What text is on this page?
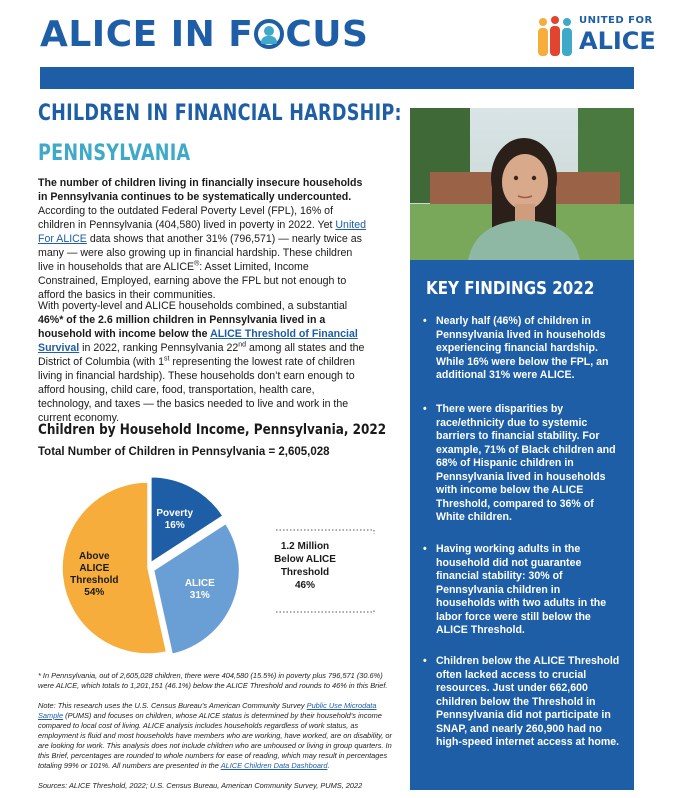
ALICE IN F CUS	UNITED FOR
ALICE
CHILDREN IN FINANCIAL HARDSHIP:
PENNSYLVANIA

The number of children living in financially insecure households in Pennsylvania continues to be systematically undercounted. According to the outdated Federal Poverty Level (FPL), 16% of children in Pennsylvania (404,580) lived in poverty in 2022. Yet United For ALICE data shows that another 31% (796,571) — nearly twice as many — were also growing up in financial hardship. These children live in households that are ALICE®: Asset Limited, Income Constrained, Employed, earning above the FPL but not enough to afford the basics in their communities.

With poverty-level and ALICE households combined, a substantial 46%* of the 2.6 million children in Pennsylvania lived in a household with income below the ALICE Threshold of Financial Survival in 2022, ranking Pennsylvania 22nd among all states and the District of Columbia (with 1st representing the lowest rate of children living in financial hardship). These households don’t earn enough to afford housing, child care, food, transportation, health care, technology, and taxes — the basics needed to live and work in the current economy.

Children by Household Income, Pennsylvania, 2022
Total Number of Children in Pennsylvania = 2,605,028
Poverty
16%
ALICE
31%
Above
ALICE
Threshold
54%
1.2 Million
Below ALICE
Threshold
46%

* In Pennsylvania, out of 2,605,028 children, there were 404,580 (15.5%) in poverty plus 796,571 (30.6%) were ALICE, which totals to 1,201,151 (46.1%) below the ALICE Threshold and rounds to 46% in this Brief.

Note: This research uses the U.S. Census Bureau’s American Community Survey Public Use Microdata Sample (PUMS) and focuses on children, whose ALICE status is determined by their household’s income compared to local cost of living. ALICE analysis includes households regardless of work status, as employment is fluid and most households have members who are working, have worked, are on disability, or are looking for work. This analysis does not include children who are unhoused or living in group quarters. In this Brief, percentages are rounded to whole numbers for ease of reading, which may result in percentages totaling 99% or 101%. All numbers are presented in the ALICE Children Data Dashboard.

Sources: ALICE Threshold, 2022; U.S. Census Bureau, American Community Survey, PUMS, 2022

KEY FINDINGS 2022
• Nearly half (46%) of children in Pennsylvania lived in households experiencing financial hardship. While 16% were below the FPL, an additional 31% were ALICE.
• There were disparities by race/ethnicity due to systemic barriers to financial stability. For example, 71% of Black children and 68% of Hispanic children in Pennsylvania lived in households with income below the ALICE Threshold, compared to 36% of White children.
• Having working adults in the household did not guarantee financial stability: 30% of Pennsylvania children in households with two adults in the labor force were still below the ALICE Threshold.
• Children below the ALICE Threshold often lacked access to crucial resources. Just under 662,600 children below the Threshold in Pennsylvania did not participate in SNAP, and nearly 260,900 had no high-speed internet access at home.
